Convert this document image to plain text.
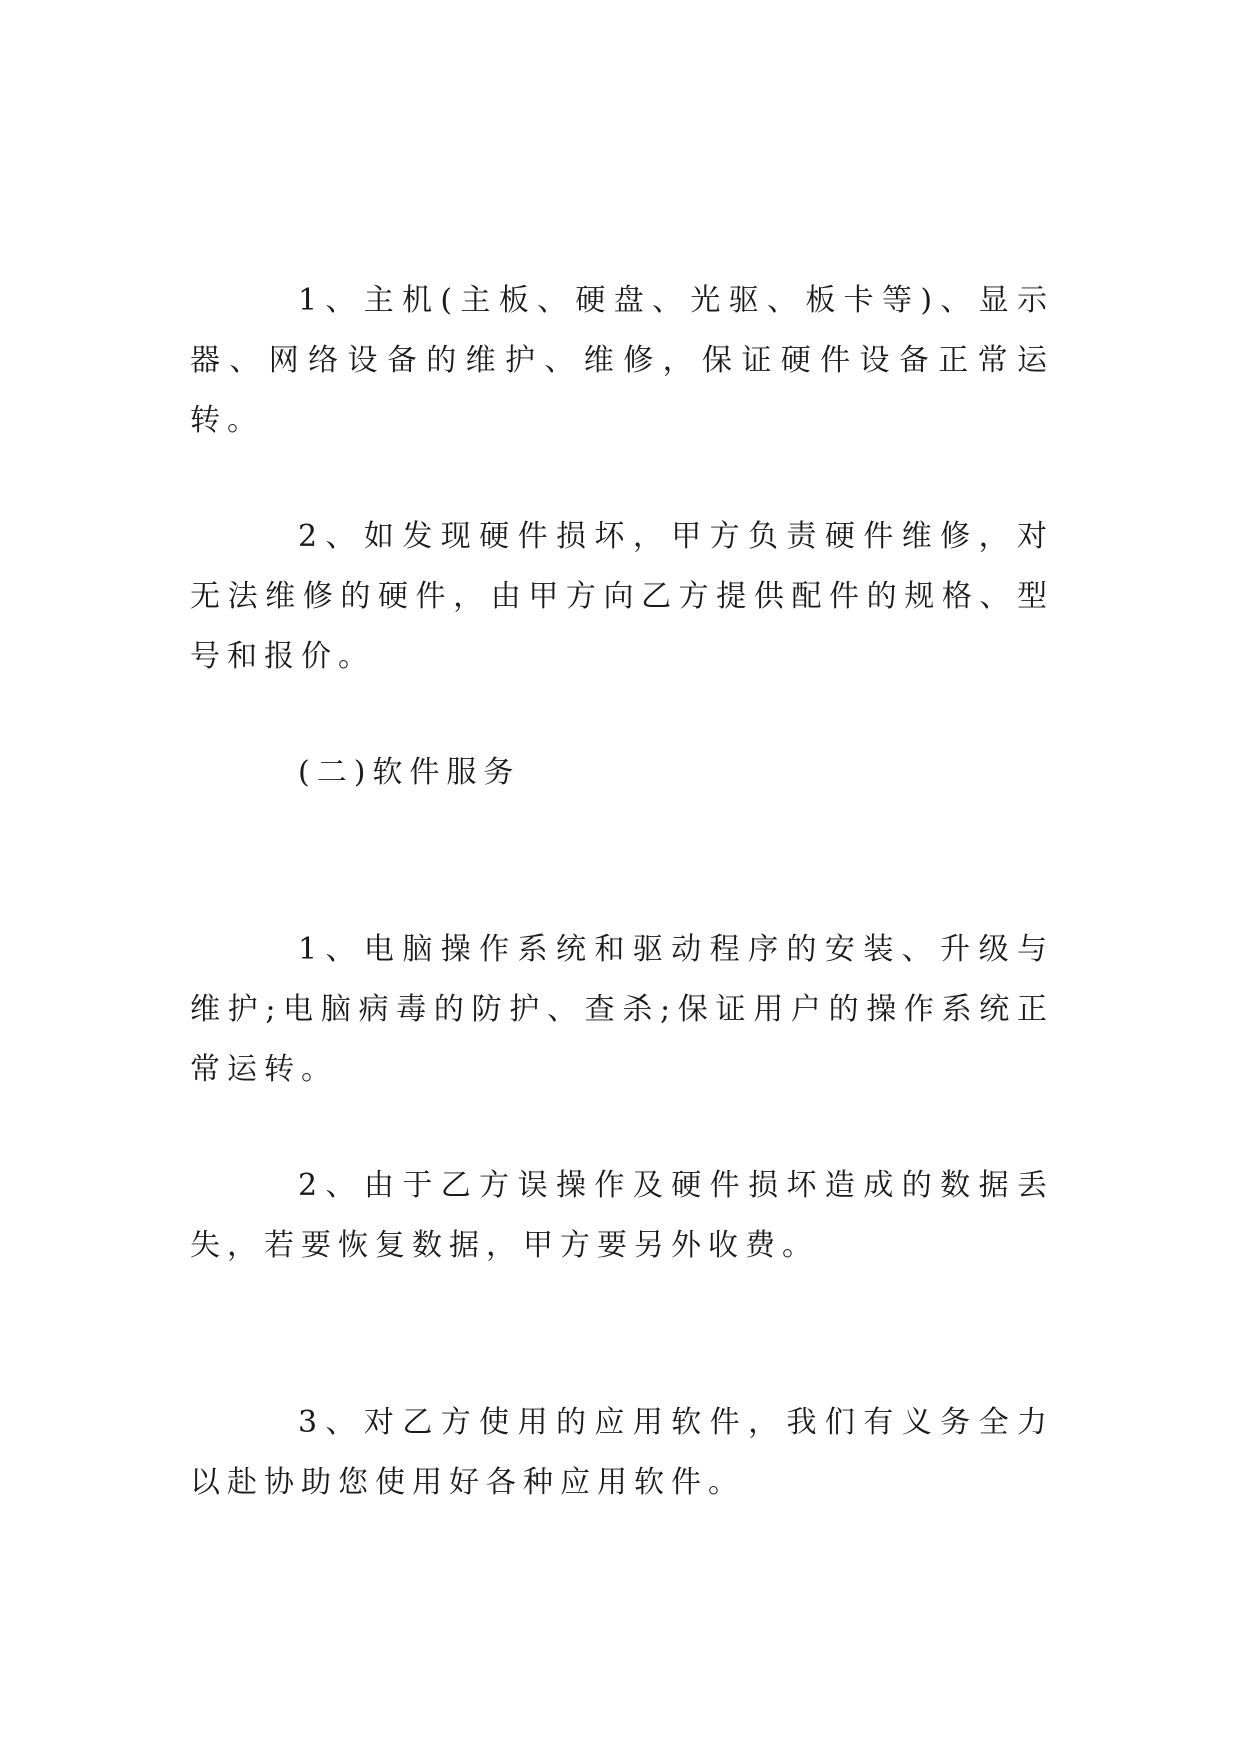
1、主机(主板、硬盘、光驱、板卡等)、显示器、网络设备的维护、维修，保证硬件设备正常运转。

2、如发现硬件损坏，甲方负责硬件维修，对无法维修的硬件，由甲方向乙方提供配件的规格、型号和报价。

(二)软件服务

1、电脑操作系统和驱动程序的安装、升级与维护;电脑病毒的防护、查杀;保证用户的操作系统正常运转。

2、由于乙方误操作及硬件损坏造成的数据丢失，若要恢复数据，甲方要另外收费。

3、对乙方使用的应用软件，我们有义务全力以赴协助您使用好各种应用软件。
